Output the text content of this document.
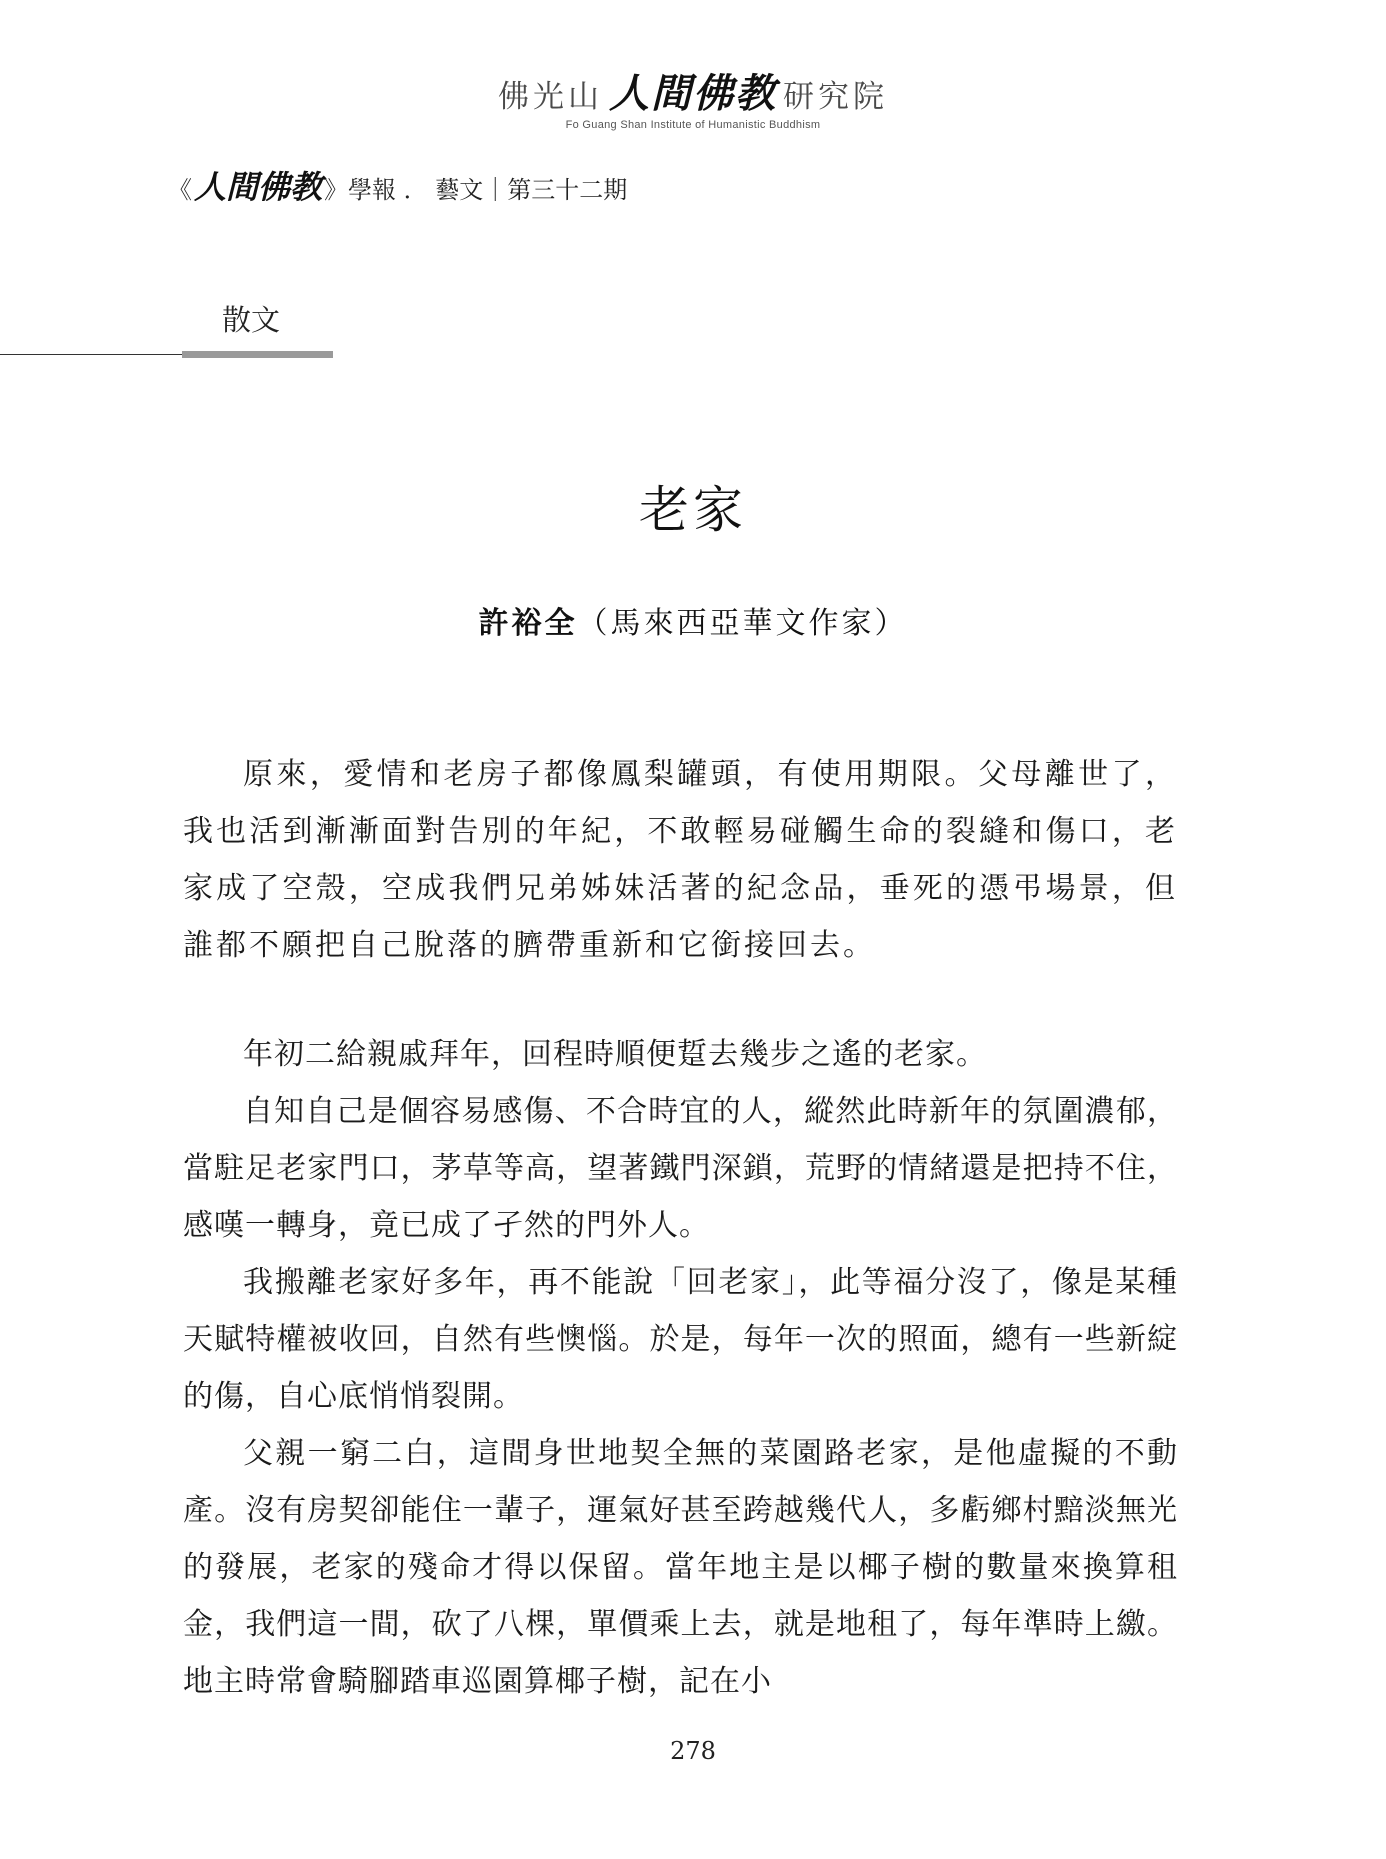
佛光山 人間佛教 研究院
Fo Guang Shan Institute of Humanistic Buddhism
《 人間佛教 》學報 ． 藝文｜第三十二期
散文
老家
許裕全（馬來西亞華文作家）

原來，愛情和老房子都像鳳梨罐頭，有使用期限。父母離世了，我也活到漸漸面對告別的年紀，不敢輕易碰觸生命的裂縫和傷口，老家成了空殼，空成我們兄弟姊妹活著的紀念品，垂死的憑弔場景，但誰都不願把自己脫落的臍帶重新和它銜接回去。

年初二給親戚拜年，回程時順便踅去幾步之遙的老家。

自知自己是個容易感傷、不合時宜的人，縱然此時新年的氛圍濃郁，當駐足老家門口，茅草等高，望著鐵門深鎖，荒野的情緒還是把持不住，感嘆一轉身，竟已成了孑然的門外人。

我搬離老家好多年，再不能說「回老家」，此等福分沒了，像是某種天賦特權被收回，自然有些懊惱。於是，每年一次的照面，總有一些新綻的傷，自心底悄悄裂開。

父親一窮二白，這間身世地契全無的菜園路老家，是他虛擬的不動產。沒有房契卻能住一輩子，運氣好甚至跨越幾代人，多虧鄉村黯淡無光的發展，老家的殘命才得以保留。當年地主是以椰子樹的數量來換算租金，我們這一間，砍了八棵，單價乘上去，就是地租了，每年準時上繳。地主時常會騎腳踏車巡園算椰子樹，記在小

278
